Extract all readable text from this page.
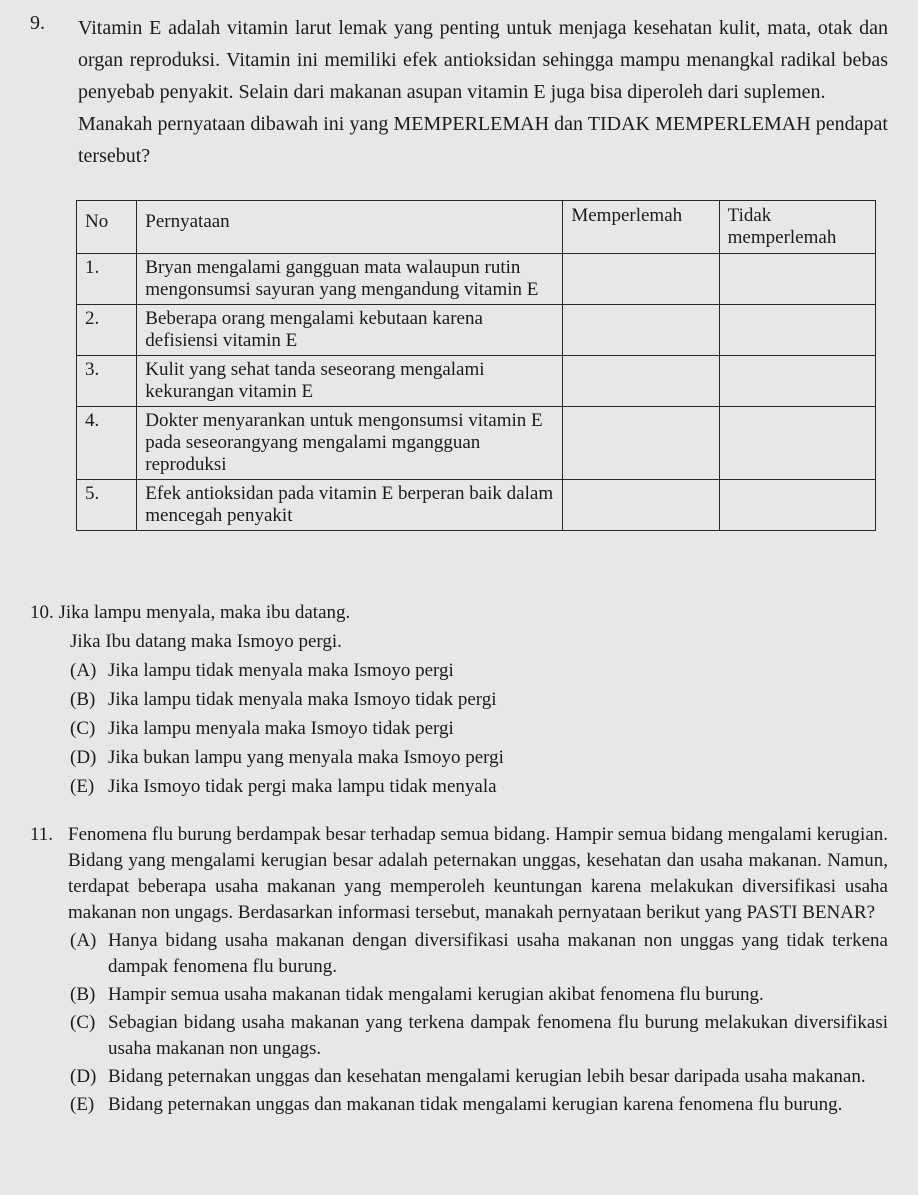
9. Vitamin E adalah vitamin larut lemak yang penting untuk menjaga kesehatan kulit, mata, otak dan organ reproduksi. Vitamin ini memiliki efek antioksidan sehingga mampu menangkal radikal bebas penyebab penyakit. Selain dari makanan asupan vitamin E juga bisa diperoleh dari suplemen.

Manakah pernyataan dibawah ini yang MEMPERLEMAH dan TIDAK MEMPERLEMAH pendapat tersebut?

No	Pernyataan	Memperlemah	Tidak memperlemah
1.	Bryan mengalami gangguan mata walaupun rutin mengonsumsi sayuran yang mengandung vitamin E		
2.	Beberapa orang mengalami kebutaan karena defisiensi vitamin E		
3.	Kulit yang sehat tanda seseorang mengalami kekurangan vitamin E		
4.	Dokter menyarankan untuk mengonsumsi vitamin E pada seseorangyang mengalami mgangguan reproduksi		
5.	Efek antioksidan pada vitamin E berperan baik dalam mencegah penyakit		
10. Jika lampu menyala, maka ibu datang.
Jika Ibu datang maka Ismoyo pergi.
(A) Jika lampu tidak menyala maka Ismoyo pergi
(B) Jika lampu tidak menyala maka Ismoyo tidak pergi
(C) Jika lampu menyala maka Ismoyo tidak pergi
(D) Jika bukan lampu yang menyala maka Ismoyo pergi
(E) Jika Ismoyo tidak pergi maka lampu tidak menyala
11. Fenomena flu burung berdampak besar terhadap semua bidang. Hampir semua bidang mengalami kerugian. Bidang yang mengalami kerugian besar adalah peternakan unggas, kesehatan dan usaha makanan. Namun, terdapat beberapa usaha makanan yang memperoleh keuntungan karena melakukan diversifikasi usaha makanan non ungags. Berdasarkan informasi tersebut, manakah pernyataan berikut yang PASTI BENAR?
(A) Hanya bidang usaha makanan dengan diversifikasi usaha makanan non unggas yang tidak terkena dampak fenomena flu burung.
(B) Hampir semua usaha makanan tidak mengalami kerugian akibat fenomena flu burung.
(C) Sebagian bidang usaha makanan yang terkena dampak fenomena flu burung melakukan diversifikasi usaha makanan non ungags.
(D) Bidang peternakan unggas dan kesehatan mengalami kerugian lebih besar daripada usaha makanan.
(E) Bidang peternakan unggas dan makanan tidak mengalami kerugian karena fenomena flu burung.
